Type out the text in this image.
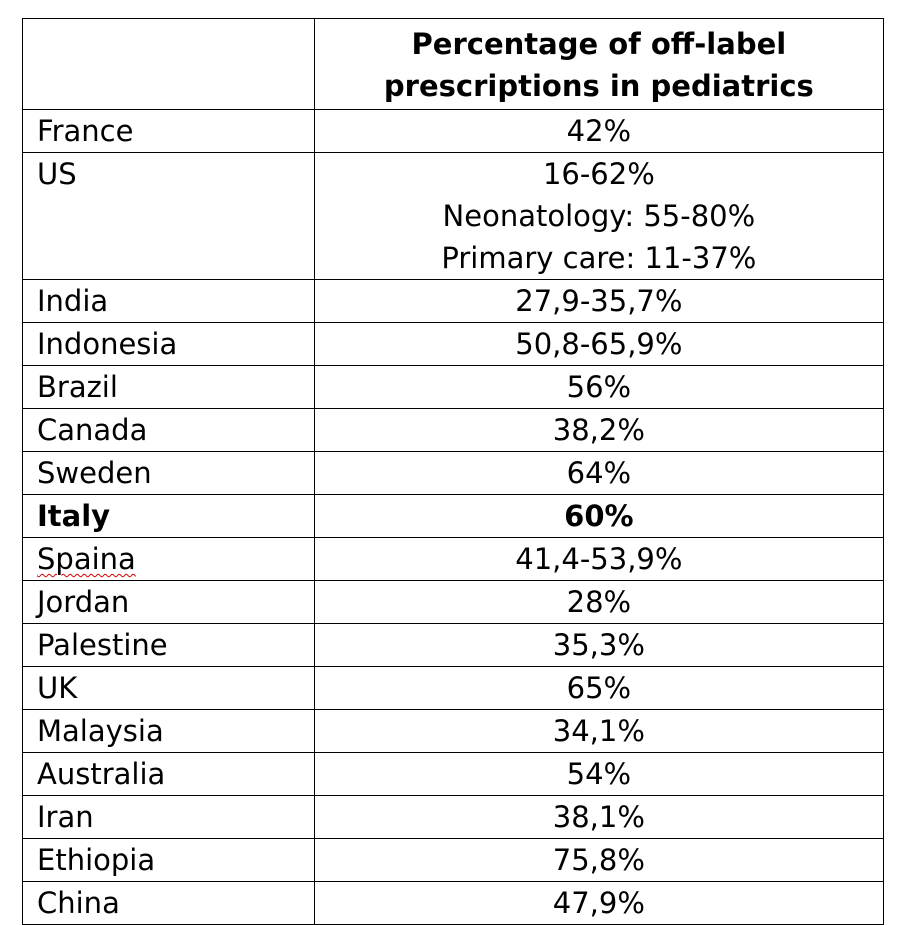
	Percentage of off-label
prescriptions in pediatrics

France	42%

US	16-62%
Neonatology: 55-80%
Primary care: 11-37%

India	27,9-35,7%

Indonesia	50,8-65,9%

Brazil	56%

Canada	38,2%

Sweden	64%

Italy	60%

Spaina	41,4-53,9%

Jordan	28%

Palestine	35,3%

UK	65%

Malaysia	34,1%

Australia	54%

Iran	38,1%

Ethiopia	75,8%

China	47,9%
